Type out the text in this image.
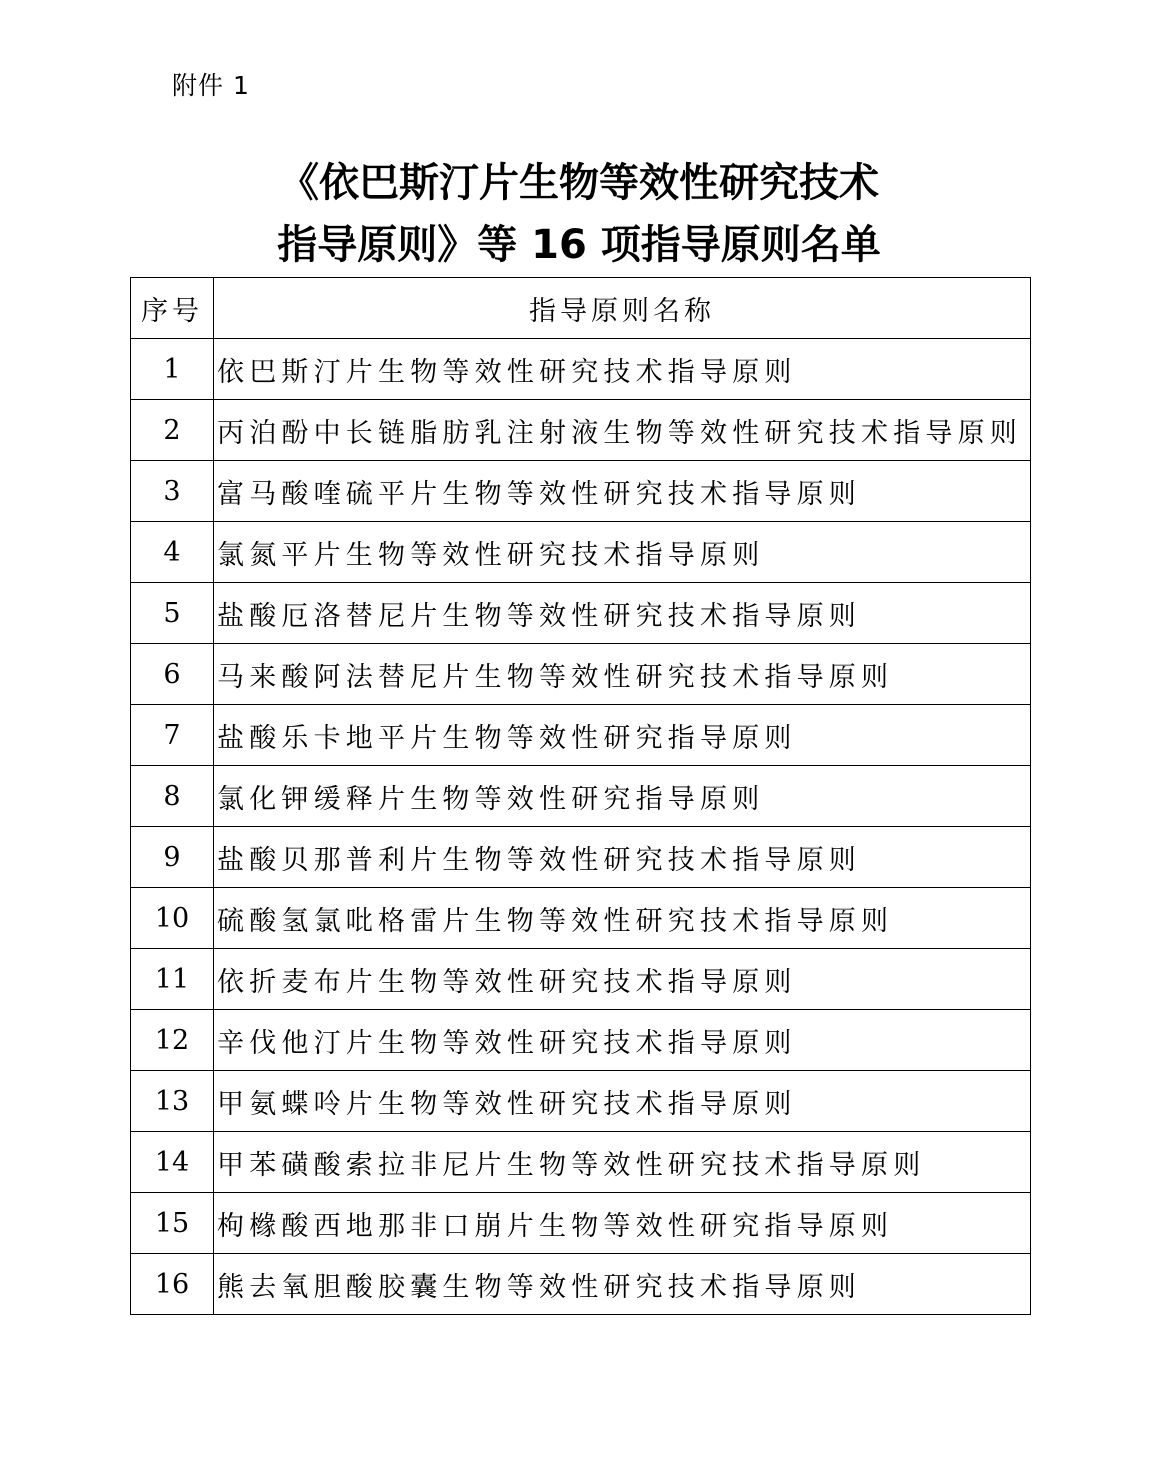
附件 1
《依巴斯汀片生物等效性研究技术
指导原则》等 16 项指导原则名单
序号	指导原则名称
1	依巴斯汀片生物等效性研究技术指导原则
2	丙泊酚中长链脂肪乳注射液生物等效性研究技术指导原则
3	富马酸喹硫平片生物等效性研究技术指导原则
4	氯氮平片生物等效性研究技术指导原则
5	盐酸厄洛替尼片生物等效性研究技术指导原则
6	马来酸阿法替尼片生物等效性研究技术指导原则
7	盐酸乐卡地平片生物等效性研究指导原则
8	氯化钾缓释片生物等效性研究指导原则
9	盐酸贝那普利片生物等效性研究技术指导原则
10	硫酸氢氯吡格雷片生物等效性研究技术指导原则
11	依折麦布片生物等效性研究技术指导原则
12	辛伐他汀片生物等效性研究技术指导原则
13	甲氨蝶呤片生物等效性研究技术指导原则
14	甲苯磺酸索拉非尼片生物等效性研究技术指导原则
15	枸橼酸西地那非口崩片生物等效性研究指导原则
16	熊去氧胆酸胶囊生物等效性研究技术指导原则
